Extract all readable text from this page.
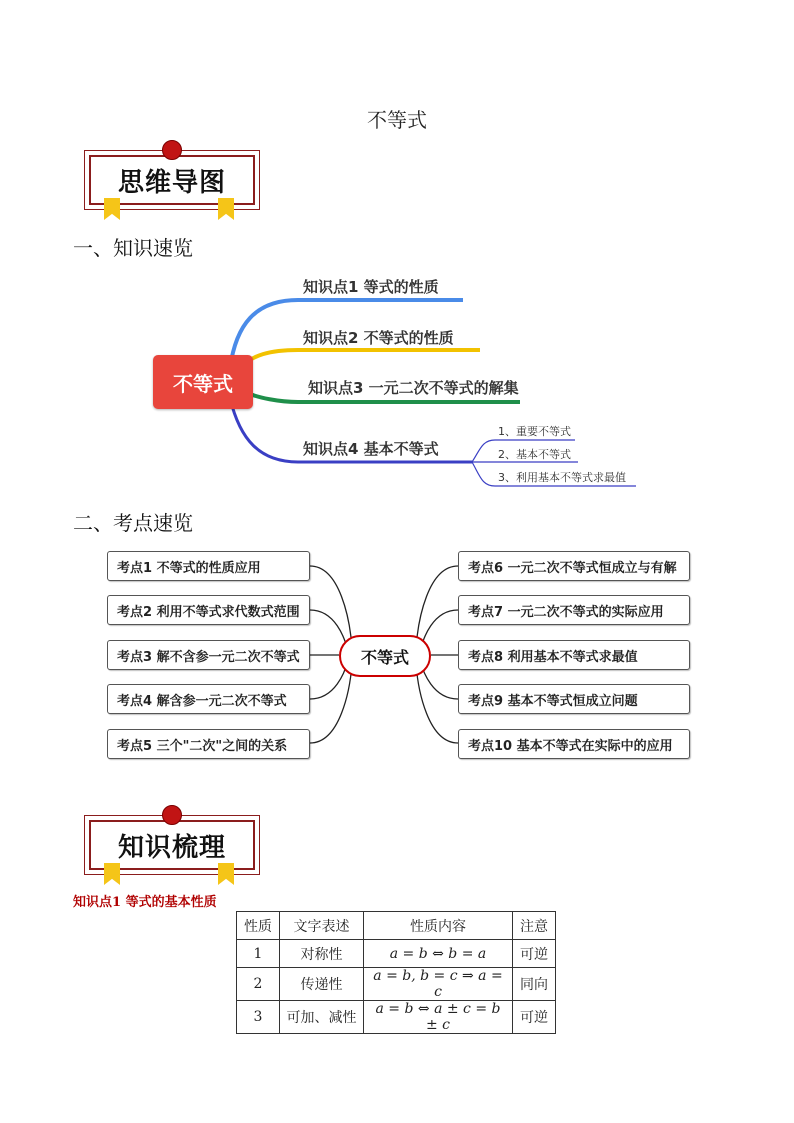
不等式
思维导图
一、知识速览
不等式
知识点1 等式的性质
知识点2 不等式的性质
知识点3 一元二次不等式的解集
知识点4 基本不等式
1、重要不等式
2、基本不等式
3、利用基本不等式求最值
二、考点速览
不等式
考点1 不等式的性质应用
考点2 利用不等式求代数式范围
考点3 解不含参一元二次不等式
考点4 解含参一元二次不等式
考点5 三个"二次"之间的关系
考点6 一元二次不等式恒成立与有解
考点7 一元二次不等式的实际应用
考点8 利用基本不等式求最值
考点9 基本不等式恒成立问题
考点10 基本不等式在实际中的应用
知识梳理
知识点1 等式的基本性质
性质	文字表述	性质内容	注意
1	对称性	a = b ⇔ b = a	可逆
2	传递性	a = b, b = c ⇒ a = c	同向
3	可加、减性	a = b ⇔ a ± c = b ± c	可逆
